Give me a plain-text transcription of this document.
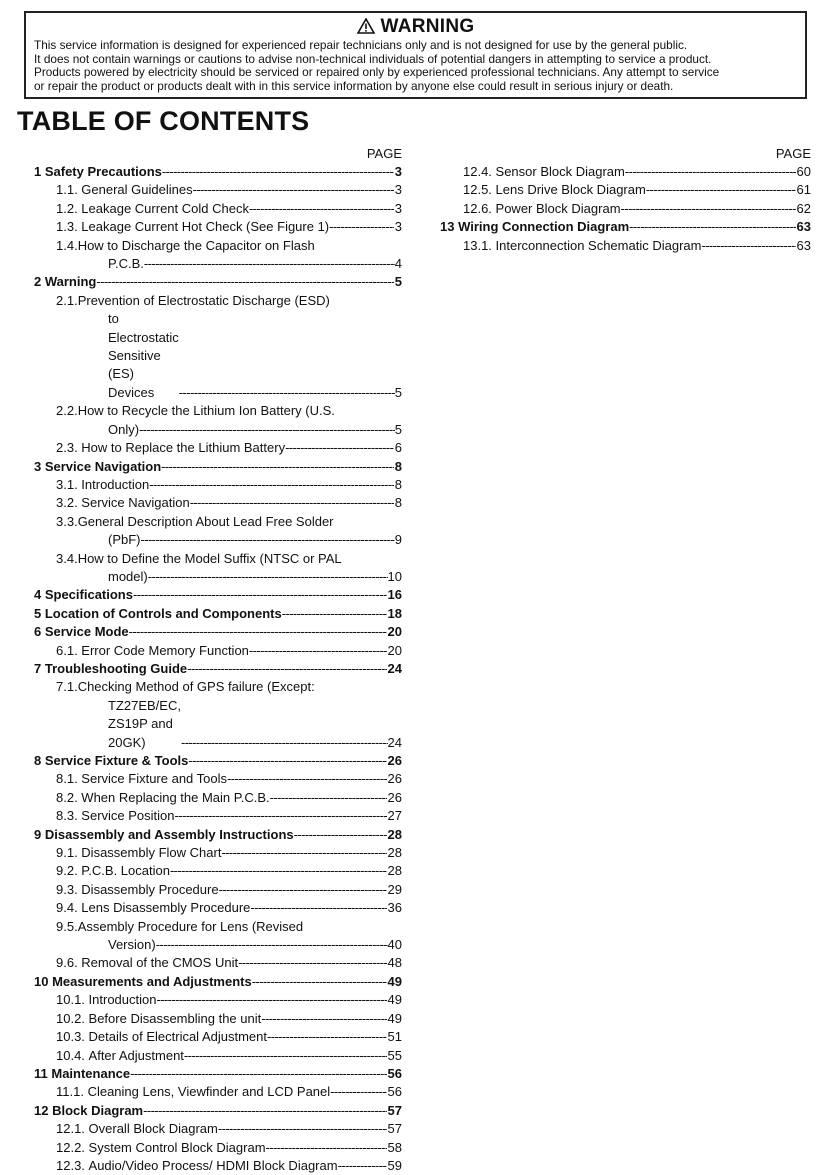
WARNING
This service information is designed for experienced repair technicians only and is not designed for use by the general public.
It does not contain warnings or cautions to advise non-technical individuals of potential dangers in attempting to service a product.
Products powered by electricity should be serviced or repaired only by experienced professional technicians. Any attempt to service
or repair the product or products dealt with in this service information by anyone else could result in serious injury or death.
TABLE OF CONTENTS
PAGE
1 Safety Precautions -----	3
1.1. General Guidelines -----	3
1.2. Leakage Current Cold Check -----	3
1.3. Leakage Current Hot Check (See Figure 1) -----	3
1.4. How to Discharge the Capacitor on Flash
P.C.B. -----	4
2 Warning -----	5
2.1. Prevention of Electrostatic Discharge (ESD)
to Electrostatic Sensitive (ES) Devices -----	5
2.2. How to Recycle the Lithium Ion Battery (U.S.
Only) -----	5
2.3. How to Replace the Lithium Battery -----	6
3 Service Navigation -----	8
3.1. Introduction -----	8
3.2. Service Navigation -----	8
3.3. General Description About Lead Free Solder
(PbF) -----	9
3.4. How to Define the Model Suffix (NTSC or PAL
model)
-----	10
4 Specifications -----	16
5 Location of Controls and Components -----	18
6 Service Mode -----	20
6.1. Error Code Memory Function -----	20
7 Troubleshooting Guide -----	24
7.1. Checking Method of GPS failure (Except:
TZ27EB/EC, ZS19P and 20GK)
-----	24
8 Service Fixture & Tools -----	26
8.1. Service Fixture and Tools -----	26
8.2. When Replacing the Main P.C.B. -----	26
8.3. Service Position -----	27
9 Disassembly and Assembly Instructions -----	28
9.1. Disassembly Flow Chart -----	28
9.2. P.C.B. Location -----	28
9.3. Disassembly Procedure -----	29
9.4. Lens Disassembly Procedure -----	36
9.5. Assembly Procedure for Lens (Revised
Version)
-----	40
9.6. Removal of the CMOS Unit -----	48
10 Measurements and Adjustments -----	49
10.1. Introduction -----	49
10.2. Before Disassembling the unit -----	49
10.3. Details of Electrical Adjustment -----	51
10.4. After Adjustment -----	55
11 Maintenance -----	56
11.1. Cleaning Lens, Viewfinder and LCD Panel -----	56
12 Block Diagram -----	57
12.1. Overall Block Diagram -----	57
12.2. System Control Block Diagram -----	58
12.3. Audio/Video Process/ HDMI Block Diagram -----	59
PAGE
12.4. Sensor Block Diagram -----	60
12.5. Lens Drive Block Diagram -----	61
12.6. Power Block Diagram -----	62
13 Wiring Connection Diagram -----	63
13.1. Interconnection Schematic Diagram -----	63
